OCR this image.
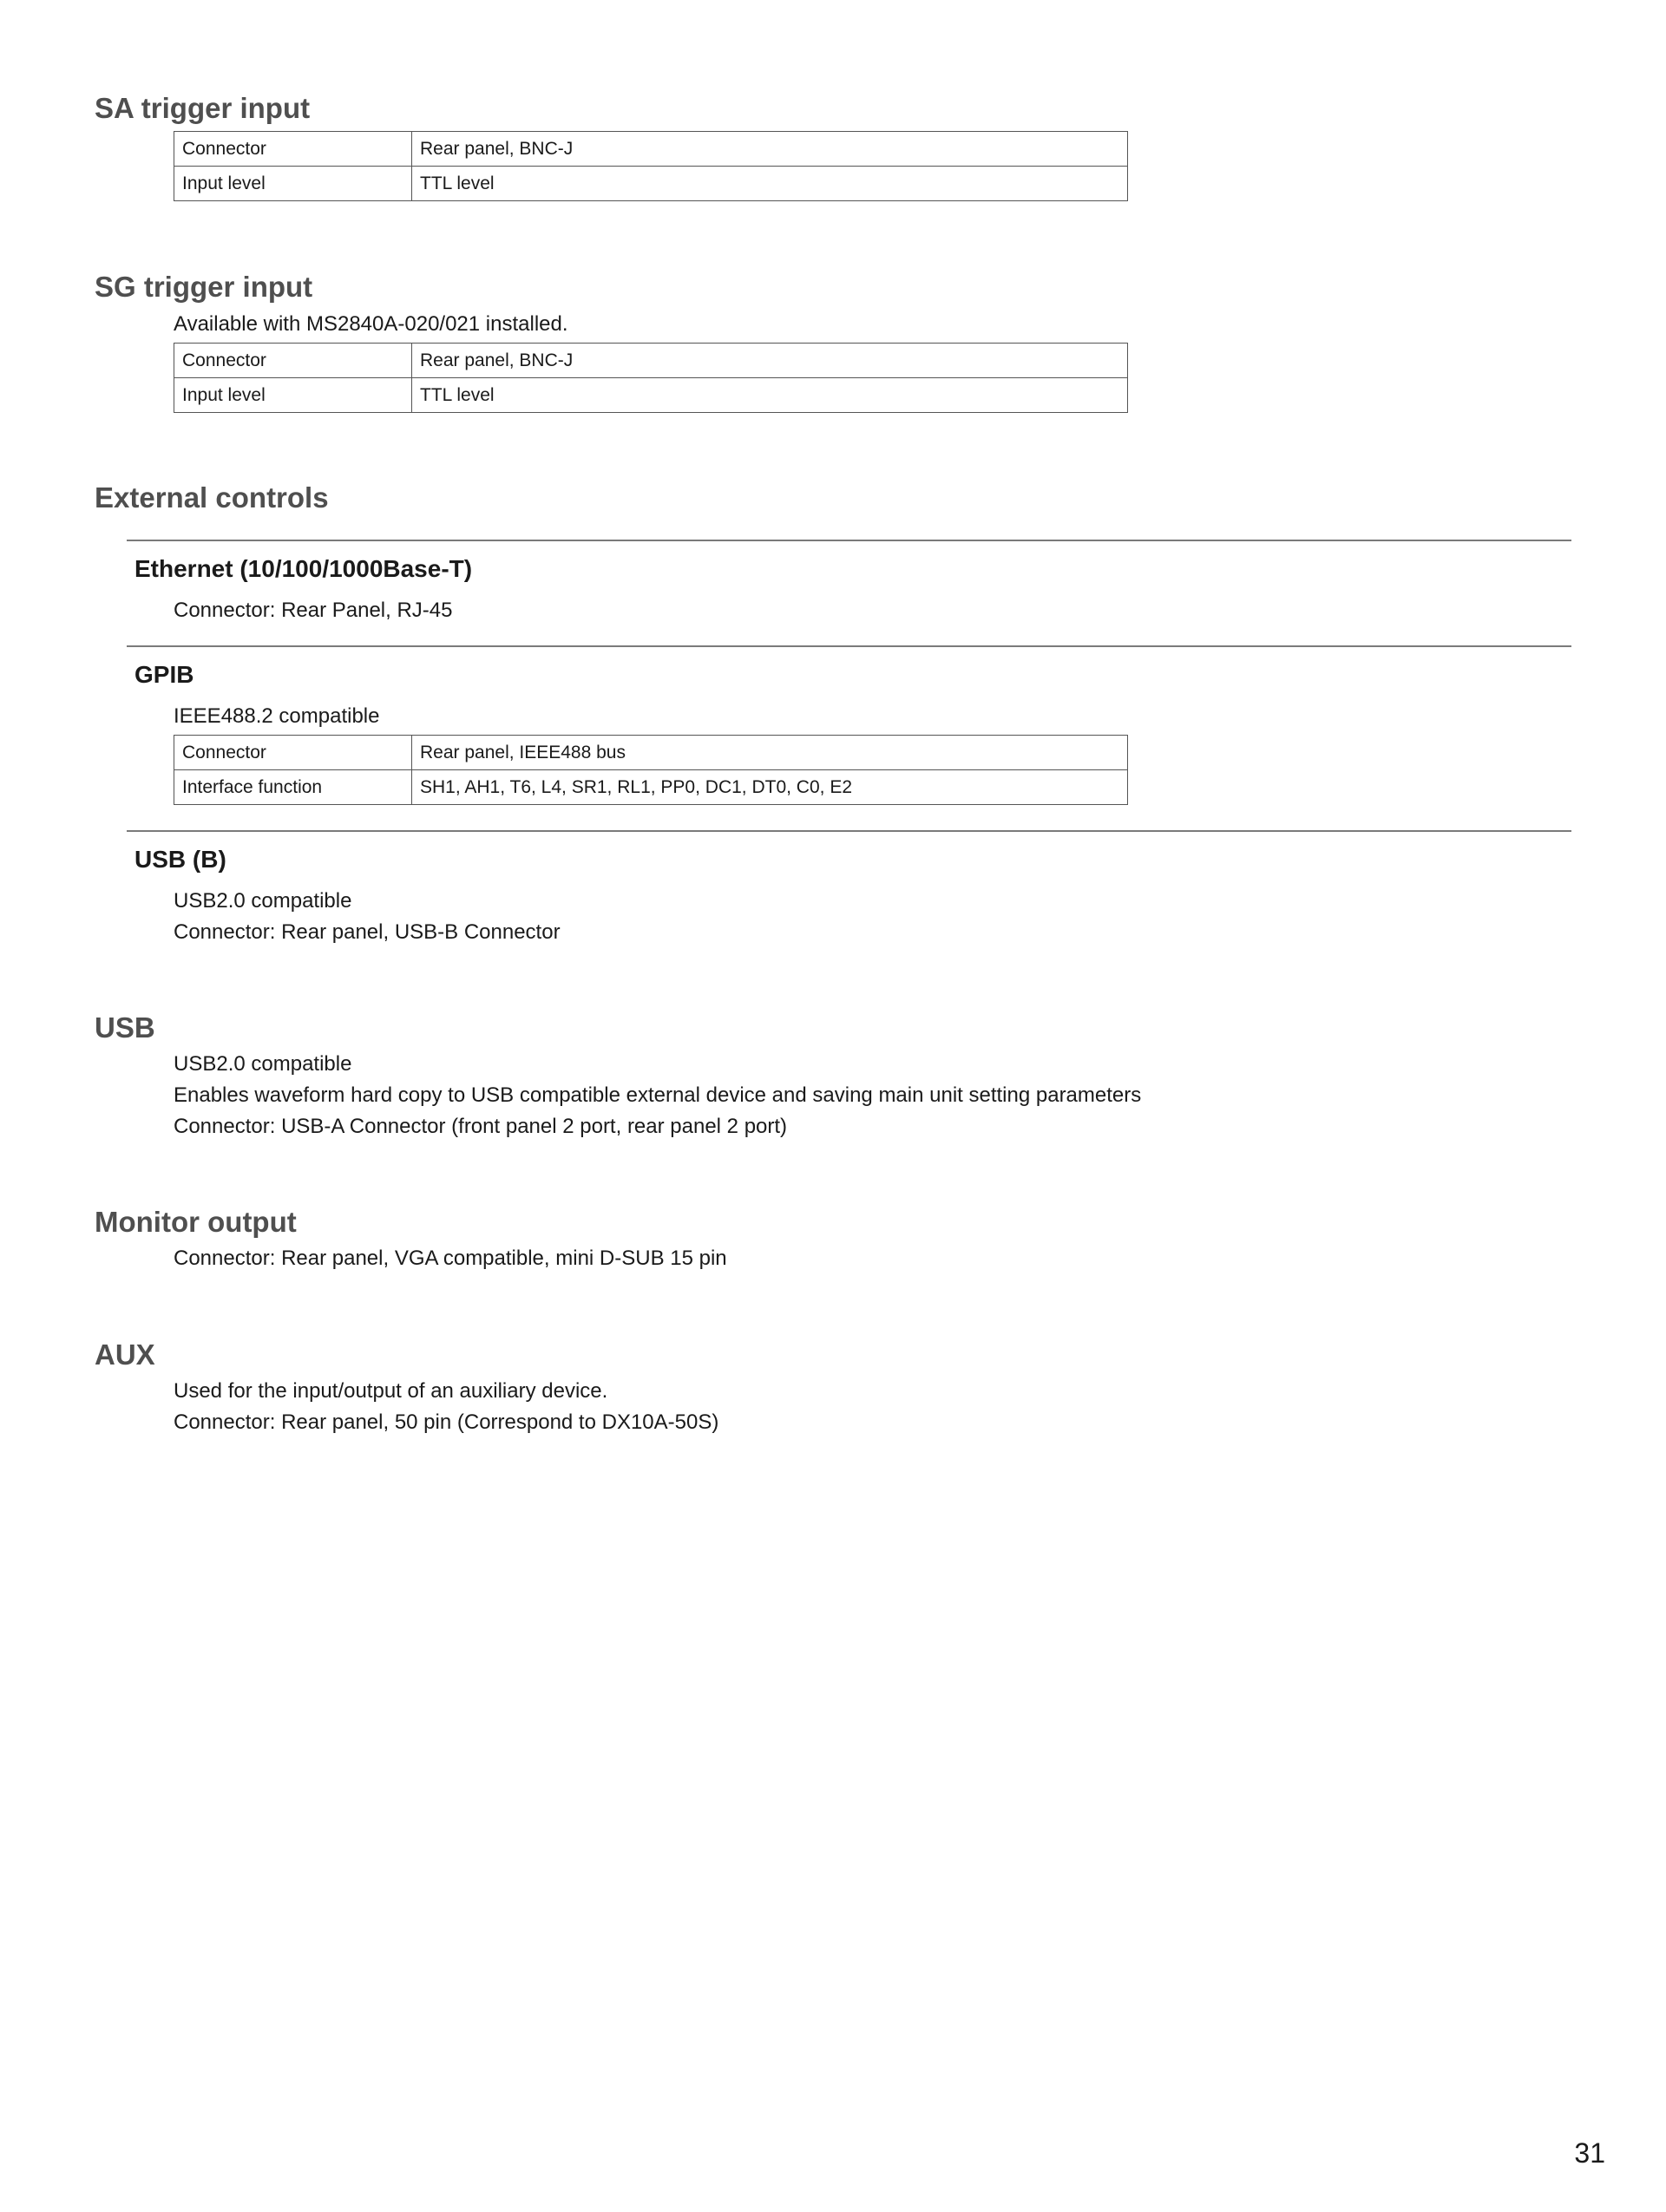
SA trigger input
Connector	Rear panel, BNC-J
Input level	TTL level
SG trigger input
Available with MS2840A-020/021 installed.
Connector	Rear panel, BNC-J
Input level	TTL level
External controls
Ethernet (10/100/1000Base-T)
Connector: Rear Panel, RJ-45
GPIB
IEEE488.2 compatible
Connector	Rear panel, IEEE488 bus
Interface function	SH1, AH1, T6, L4, SR1, RL1, PP0, DC1, DT0, C0, E2
USB (B)
USB2.0 compatible
Connector: Rear panel, USB-B Connector
USB
USB2.0 compatible
Enables waveform hard copy to USB compatible external device and saving main unit setting parameters
Connector: USB-A Connector (front panel 2 port, rear panel 2 port)
Monitor output
Connector: Rear panel, VGA compatible, mini D-SUB 15 pin
AUX
Used for the input/output of an auxiliary device.
Connector: Rear panel, 50 pin (Correspond to DX10A-50S)
31
